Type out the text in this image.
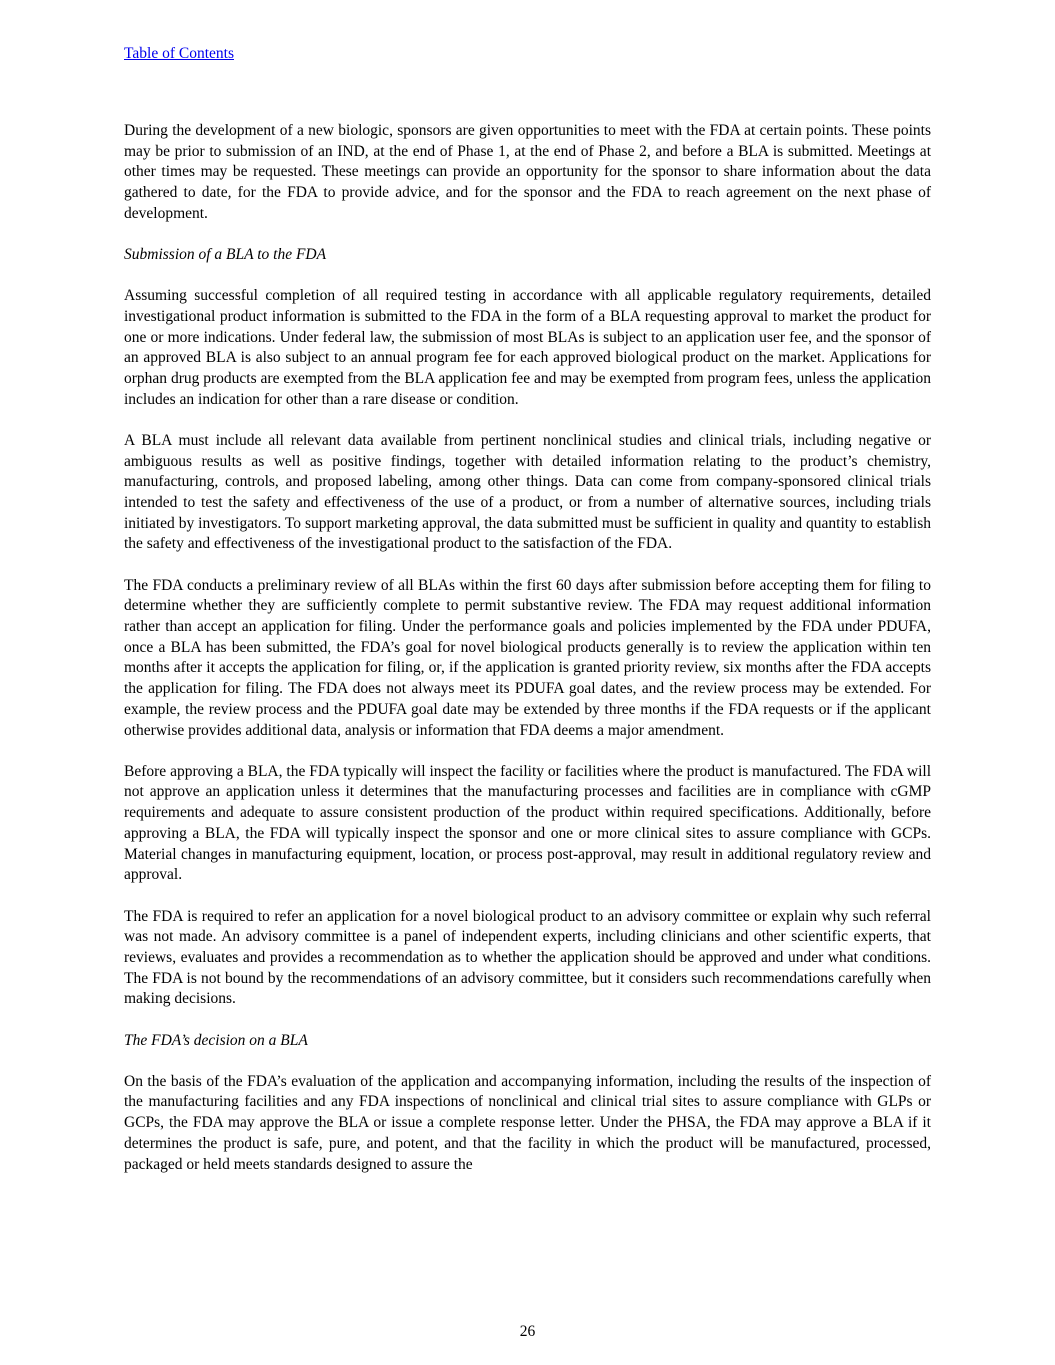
Table of Contents

During the development of a new biologic, sponsors are given opportunities to meet with the FDA at certain points. These points may be prior to submission of an IND, at the end of Phase 1, at the end of Phase 2, and before a BLA is submitted. Meetings at other times may be requested. These meetings can provide an opportunity for the sponsor to share information about the data gathered to date, for the FDA to provide advice, and for the sponsor and the FDA to reach agreement on the next phase of development.

Submission of a BLA to the FDA

Assuming successful completion of all required testing in accordance with all applicable regulatory requirements, detailed investigational product information is submitted to the FDA in the form of a BLA requesting approval to market the product for one or more indications. Under federal law, the submission of most BLAs is subject to an application user fee, and the sponsor of an approved BLA is also subject to an annual program fee for each approved biological product on the market. Applications for orphan drug products are exempted from the BLA application fee and may be exempted from program fees, unless the application includes an indication for other than a rare disease or condition.

A BLA must include all relevant data available from pertinent nonclinical studies and clinical trials, including negative or ambiguous results as well as positive findings, together with detailed information relating to the product’s chemistry, manufacturing, controls, and proposed labeling, among other things. Data can come from company-sponsored clinical trials intended to test the safety and effectiveness of the use of a product, or from a number of alternative sources, including trials initiated by investigators. To support marketing approval, the data submitted must be sufficient in quality and quantity to establish the safety and effectiveness of the investigational product to the satisfaction of the FDA.

The FDA conducts a preliminary review of all BLAs within the first 60 days after submission before accepting them for filing to determine whether they are sufficiently complete to permit substantive review. The FDA may request additional information rather than accept an application for filing. Under the performance goals and policies implemented by the FDA under PDUFA, once a BLA has been submitted, the FDA’s goal for novel biological products generally is to review the application within ten months after it accepts the application for filing, or, if the application is granted priority review, six months after the FDA accepts the application for filing. The FDA does not always meet its PDUFA goal dates, and the review process may be extended. For example, the review process and the PDUFA goal date may be extended by three months if the FDA requests or if the applicant otherwise provides additional data, analysis or information that FDA deems a major amendment.

Before approving a BLA, the FDA typically will inspect the facility or facilities where the product is manufactured. The FDA will not approve an application unless it determines that the manufacturing processes and facilities are in compliance with cGMP requirements and adequate to assure consistent production of the product within required specifications. Additionally, before approving a BLA, the FDA will typically inspect the sponsor and one or more clinical sites to assure compliance with GCPs. Material changes in manufacturing equipment, location, or process post-approval, may result in additional regulatory review and approval.

The FDA is required to refer an application for a novel biological product to an advisory committee or explain why such referral was not made. An advisory committee is a panel of independent experts, including clinicians and other scientific experts, that reviews, evaluates and provides a recommendation as to whether the application should be approved and under what conditions. The FDA is not bound by the recommendations of an advisory committee, but it considers such recommendations carefully when making decisions.

The FDA’s decision on a BLA

On the basis of the FDA’s evaluation of the application and accompanying information, including the results of the inspection of the manufacturing facilities and any FDA inspections of nonclinical and clinical trial sites to assure compliance with GLPs or GCPs, the FDA may approve the BLA or issue a complete response letter. Under the PHSA, the FDA may approve a BLA if it determines the product is safe, pure, and potent, and that the facility in which the product will be manufactured, processed, packaged or held meets standards designed to assure the

26
